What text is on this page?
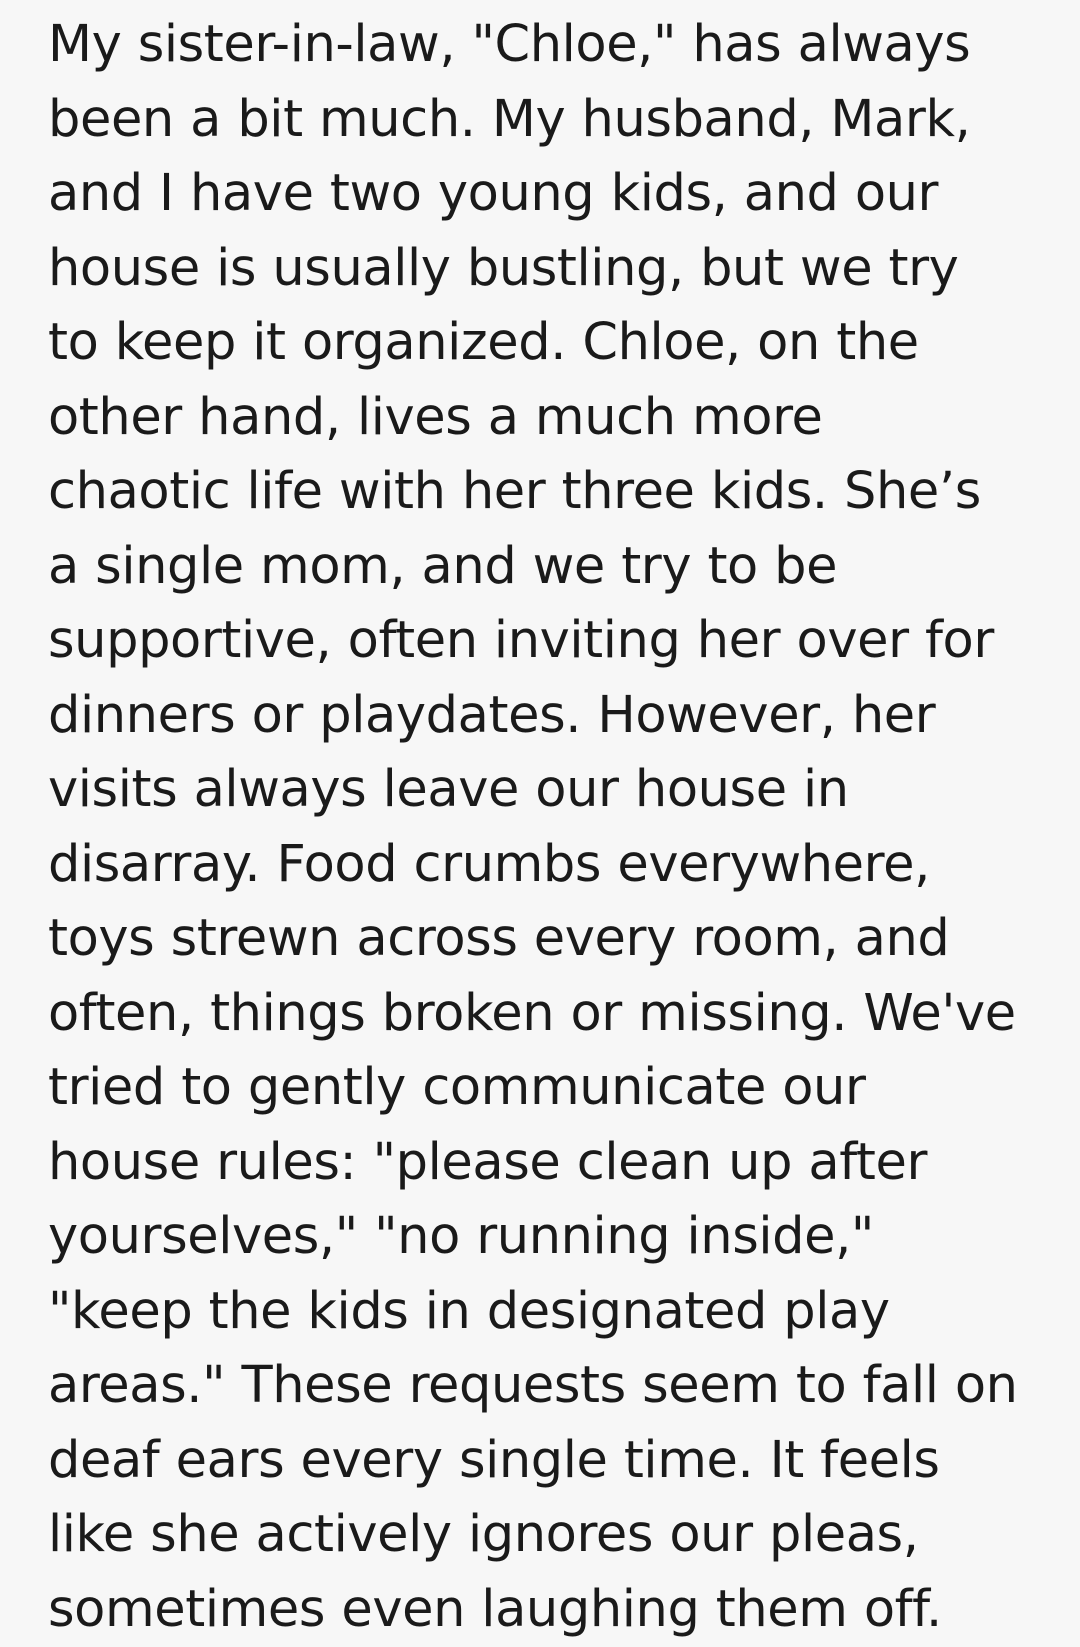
My sister-in-law, "Chloe," has always been a bit much. My husband, Mark, and I have two young kids, and our house is usually bustling, but we try to keep it organized. Chloe, on the other hand, lives a much more chaotic life with her three kids. She’s a single mom, and we try to be supportive, often inviting her over for dinners or playdates. However, her visits always leave our house in disarray. Food crumbs everywhere, toys strewn across every room, and often, things broken or missing. We've tried to gently communicate our house rules: "please clean up after yourselves," "no running inside," "keep the kids in designated play areas." These requests seem to fall on deaf ears every single time. It feels like she actively ignores our pleas, sometimes even laughing them off.
